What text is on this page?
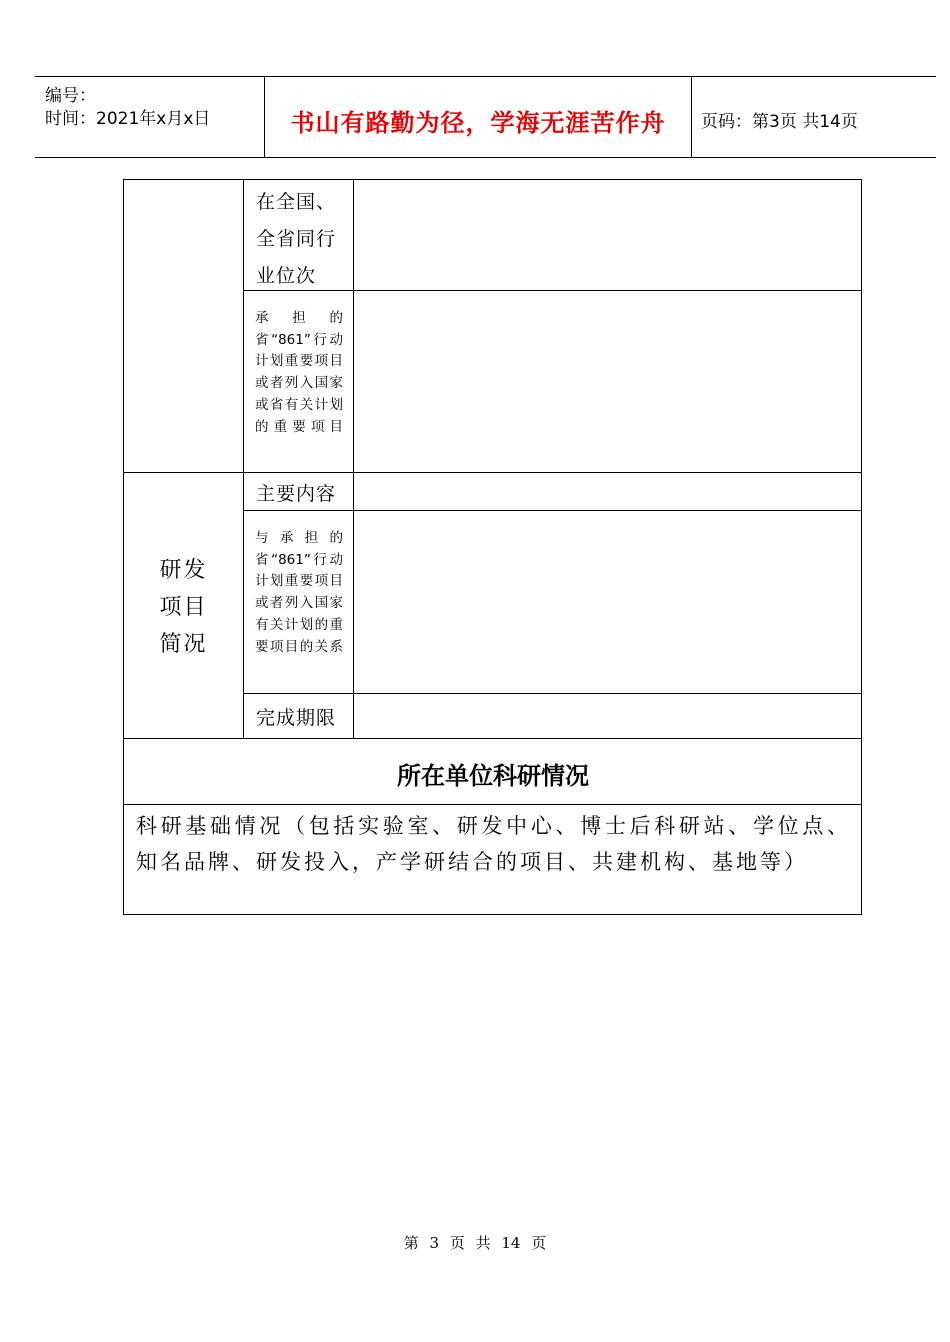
编号：
时间：2021年x月x日	书山有路勤为径，学海无涯苦作舟	页码：第3页 共14页
在全国、
全省同行
业位次
承担的省“861”行动计划重要项目或者列入国家或省有关计划的重要项目
研发
项目
简况
主要内容
与承担的省“861”行动计划重要项目或者列入国家有关计划的重要项目的关系
完成期限
所在单位科研情况
科研基础情况（包括实验室、研发中心、博士后科研站、学位点、知名品牌、研发投入，产学研结合的项目、共建机构、基地等）
第 3 页 共 14 页
